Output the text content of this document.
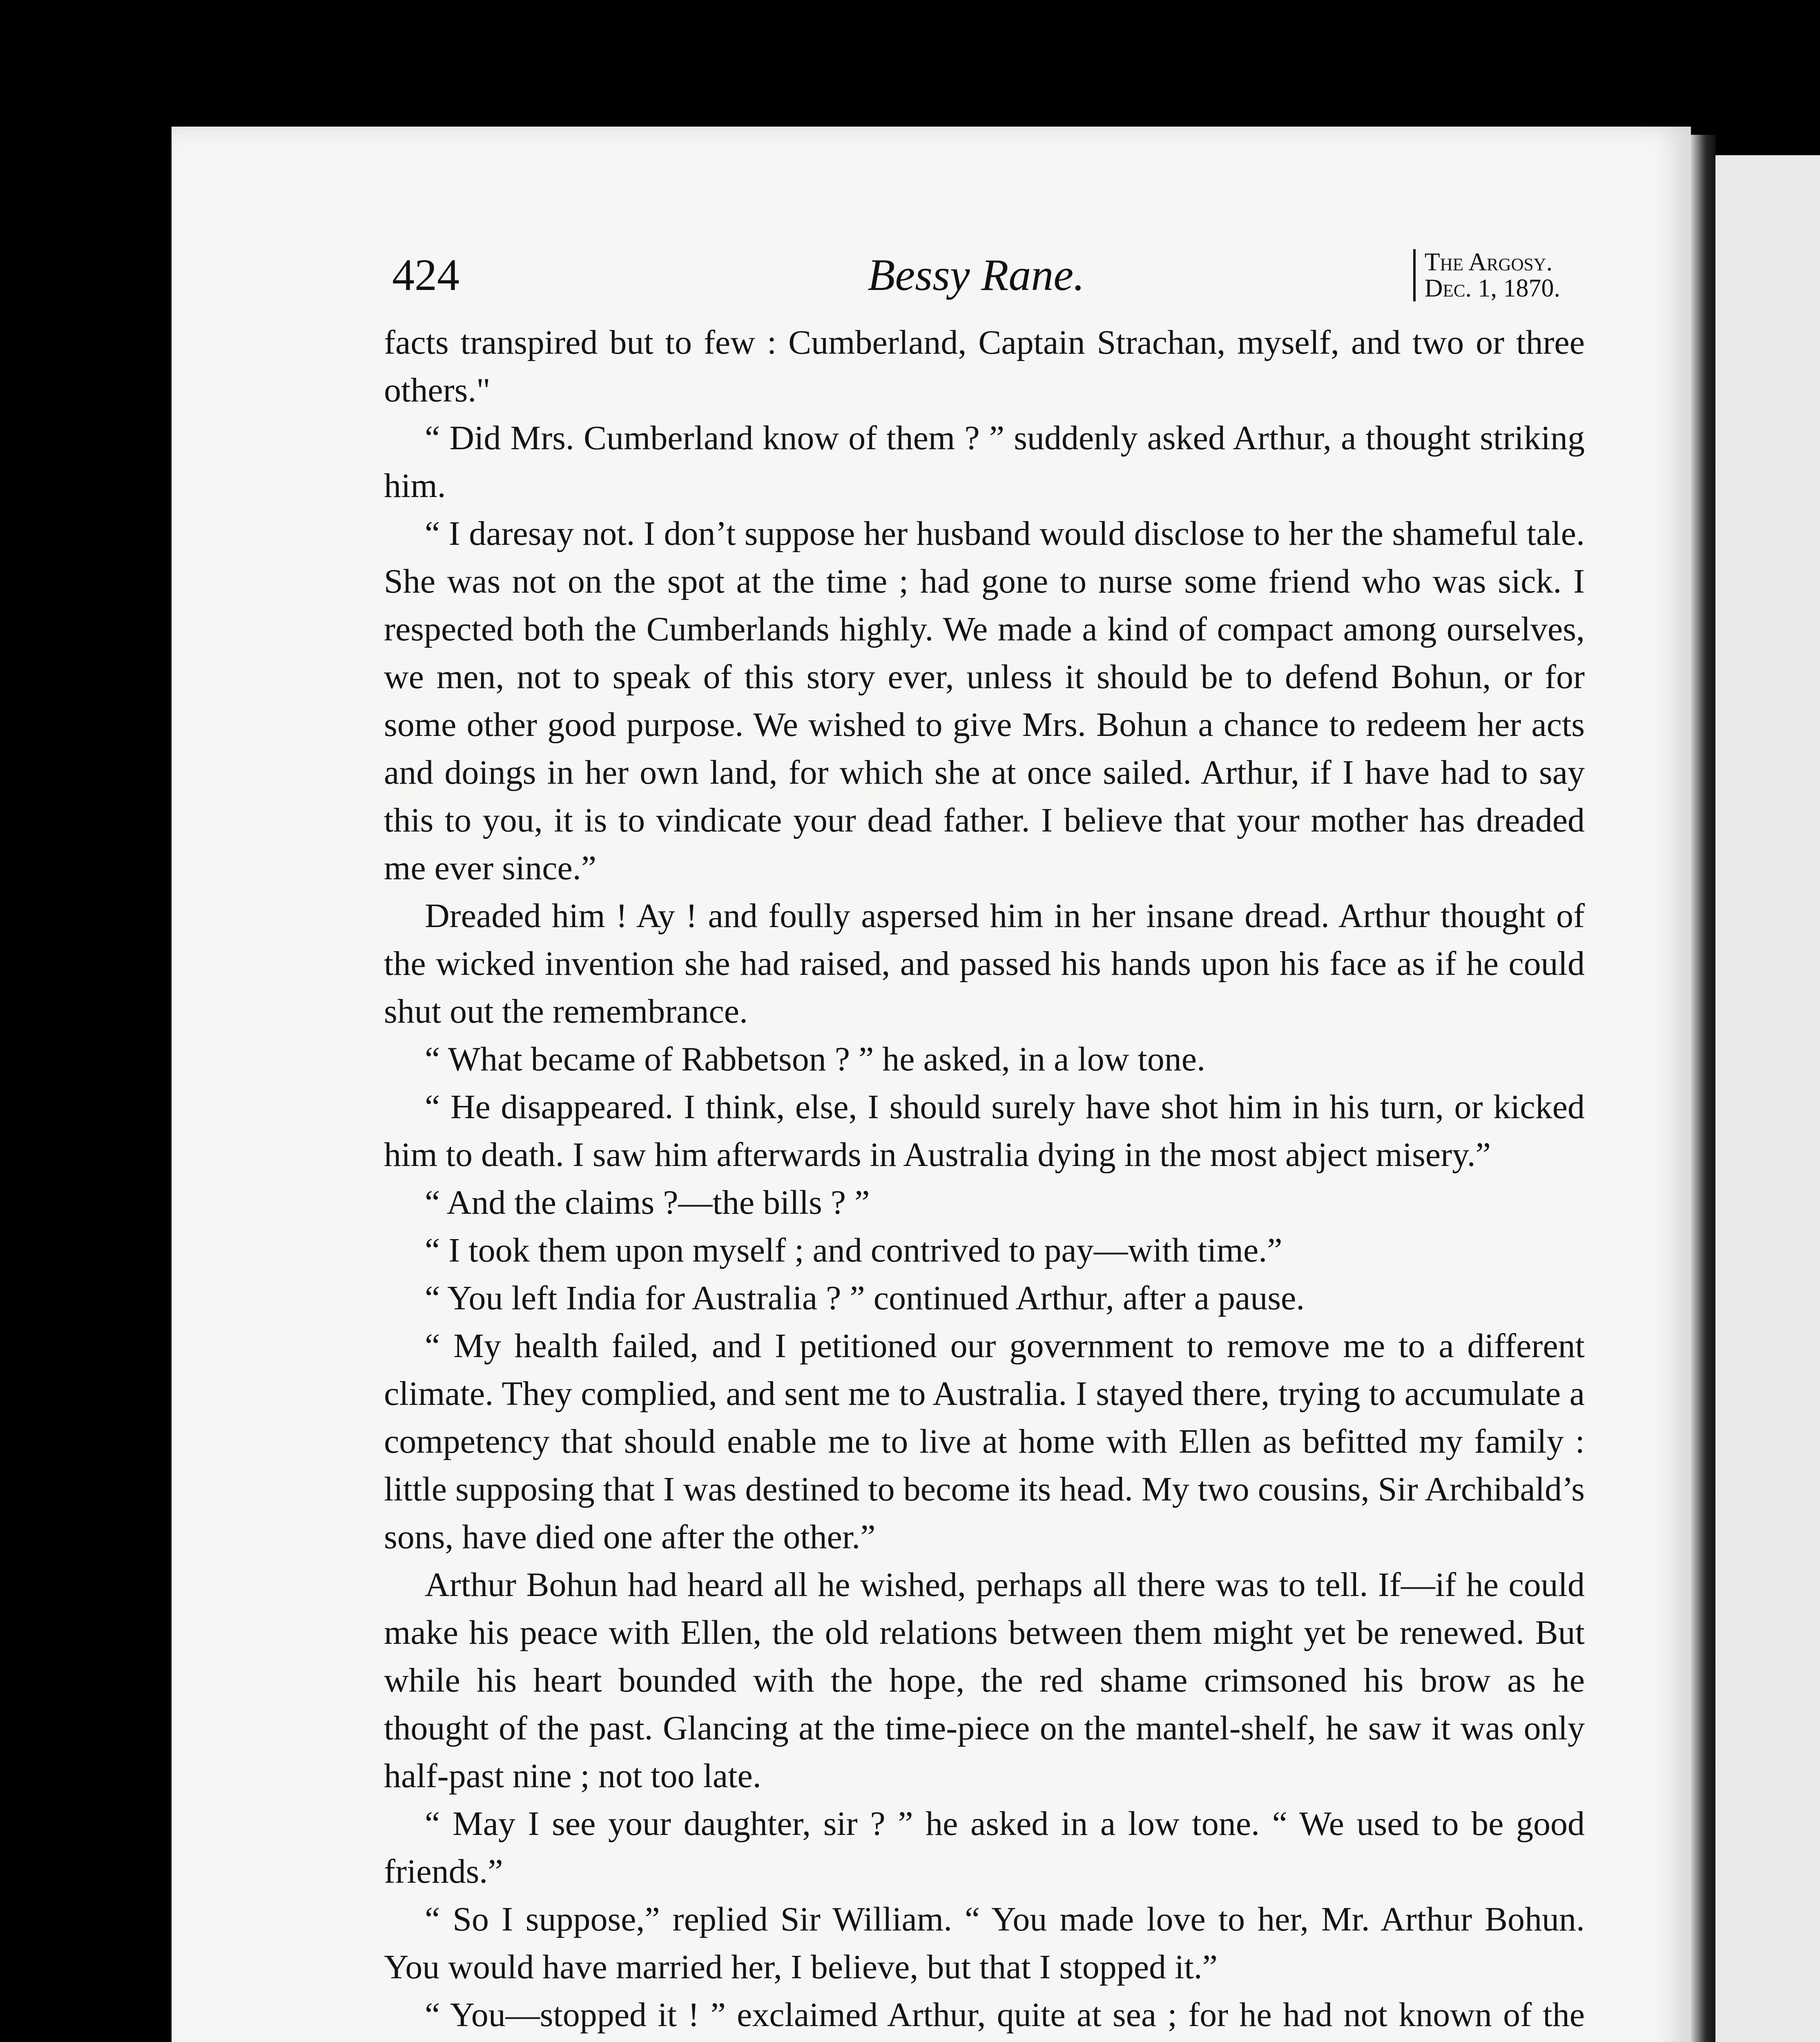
424	Bessy Rane.	The Argosy.
Dec. 1, 1870.

facts transpired but to few : Cumberland, Captain Strachan, myself, and two or three others."

“ Did Mrs. Cumberland know of them ? ” suddenly asked Arthur, a thought striking him.

“ I daresay not. I don’t suppose her husband would disclose to her the shameful tale. She was not on the spot at the time ; had gone to nurse some friend who was sick. I respected both the Cumberlands highly. We made a kind of compact among ourselves, we men, not to speak of this story ever, unless it should be to defend Bohun, or for some other good purpose. We wished to give Mrs. Bohun a chance to redeem her acts and doings in her own land, for which she at once sailed. Arthur, if I have had to say this to you, it is to vindicate your dead father. I believe that your mother has dreaded me ever since.”

Dreaded him ! Ay ! and foully aspersed him in her insane dread. Arthur thought of the wicked invention she had raised, and passed his hands upon his face as if he could shut out the remembrance.

“ What became of Rabbetson ? ” he asked, in a low tone.

“ He disappeared. I think, else, I should surely have shot him in his turn, or kicked him to death. I saw him afterwards in Australia dying in the most abject misery.”

“ And the claims ?—the bills ? ”

“ I took them upon myself ; and contrived to pay—with time.”

“ You left India for Australia ? ” continued Arthur, after a pause.

“ My health failed, and I petitioned our government to remove me to a different climate. They complied, and sent me to Australia. I stayed there, trying to accumulate a competency that should enable me to live at home with Ellen as befitted my family : little supposing that I was destined to become its head. My two cousins, Sir Archibald’s sons, have died one after the other.”

Arthur Bohun had heard all he wished, perhaps all there was to tell. If—if he could make his peace with Ellen, the old relations between them might yet be renewed. But while his heart bounded with the hope, the red shame crimsoned his brow as he thought of the past. Glancing at the time-piece on the mantel-shelf, he saw it was only half-past nine ; not too late.

“ May I see your daughter, sir ? ” he asked in a low tone. “ We used to be good friends.”

“ So I suppose,” replied Sir William. “ You made love to her, Mr. Arthur Bohun. You would have married her, I believe, but that I stopped it.”

“ You—stopped it ! ” exclaimed Arthur, quite at sea ; for he had not known of the
